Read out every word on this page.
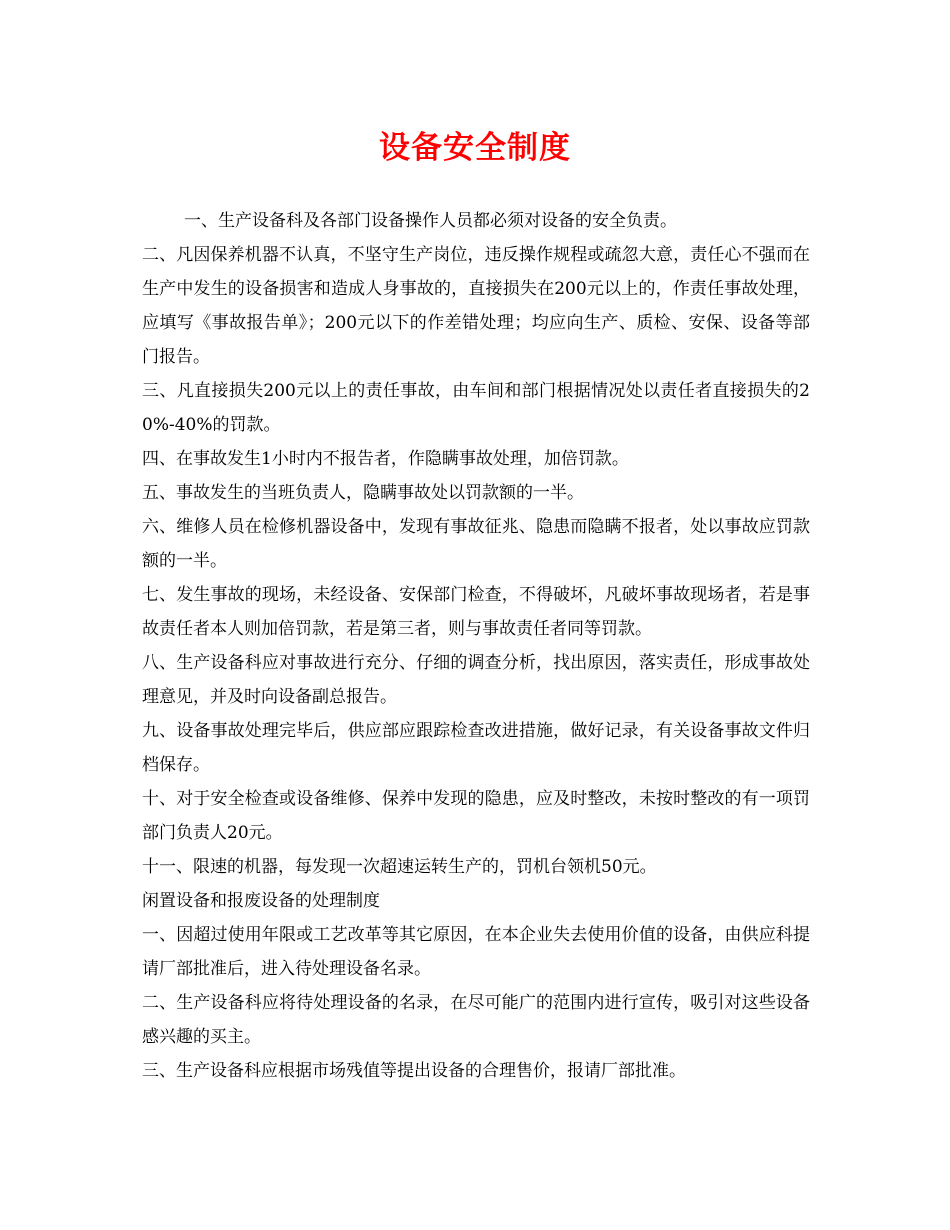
设备安全制度

一、生产设备科及各部门设备操作人员都必须对设备的安全负责。

二、凡因保养机器不认真，不坚守生产岗位，违反操作规程或疏忽大意，责任心不强而在生产中发生的设备损害和造成人身事故的，直接损失在200元以上的，作责任事故处理，应填写《事故报告单》；200元以下的作差错处理；均应向生产、质检、安保、设备等部门报告。

三、凡直接损失200元以上的责任事故，由车间和部门根据情况处以责任者直接损失的20%-40%的罚款。

四、在事故发生1小时内不报告者，作隐瞒事故处理，加倍罚款。

五、事故发生的当班负责人，隐瞒事故处以罚款额的一半。

六、维修人员在检修机器设备中，发现有事故征兆、隐患而隐瞒不报者，处以事故应罚款额的一半。

七、发生事故的现场，未经设备、安保部门检查，不得破坏，凡破坏事故现场者，若是事故责任者本人则加倍罚款，若是第三者，则与事故责任者同等罚款。

八、生产设备科应对事故进行充分、仔细的调查分析，找出原因，落实责任，形成事故处理意见，并及时向设备副总报告。

九、设备事故处理完毕后，供应部应跟踪检查改进措施，做好记录，有关设备事故文件归档保存。

十、对于安全检查或设备维修、保养中发现的隐患，应及时整改，未按时整改的有一项罚部门负责人20元。

十一、限速的机器，每发现一次超速运转生产的，罚机台领机50元。

闲置设备和报废设备的处理制度

一、因超过使用年限或工艺改革等其它原因，在本企业失去使用价值的设备，由供应科提请厂部批准后，进入待处理设备名录。

二、生产设备科应将待处理设备的名录，在尽可能广的范围内进行宣传，吸引对这些设备感兴趣的买主。

三、生产设备科应根据市场残值等提出设备的合理售价，报请厂部批准。
